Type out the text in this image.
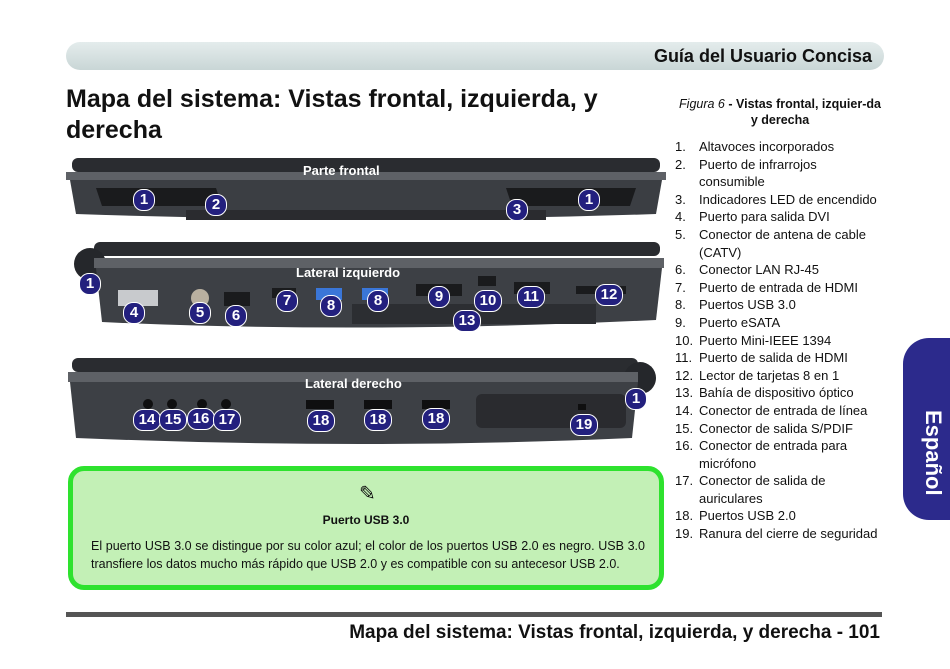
Guía del Usuario Concisa
Mapa del sistema: Vistas frontal, izquierda, y derecha
Español
Figura 6 - Vistas frontal, izquier-da y derecha
1. Altavoces incorporados
2. Puerto de infrarrojos consumible
3. Indicadores LED de encendido
4. Puerto para salida DVI
5. Conector de antena de cable (CATV)
6. Conector LAN RJ-45
7. Puerto de entrada de HDMI
8. Puertos USB 3.0
9. Puerto eSATA
10. Puerto Mini-IEEE 1394
11. Puerto de salida de HDMI
12. Lector de tarjetas 8 en 1
13. Bahía de dispositivo óptico
14. Conector de entrada de línea
15. Conector de salida S/PDIF
16. Conector de entrada para micrófono
17. Conector de salida de auriculares
18. Puertos USB 2.0
19. Ranura del cierre de seguridad
Parte frontal
1	2	3
1
Lateral izquierdo
1
4	5	6
7	8	8	9	10	11	12
13
Lateral derecho
14 15 16 17	18	18	18	19
1
✎
Puerto USB 3.0
El puerto USB 3.0 se distingue por su color azul; el color de los puertos USB 2.0 es negro. USB 3.0 transfiere los datos mucho más rápido que USB 2.0 y es compatible con su antecesor USB 2.0.
Mapa del sistema: Vistas frontal, izquierda, y derecha - 101
